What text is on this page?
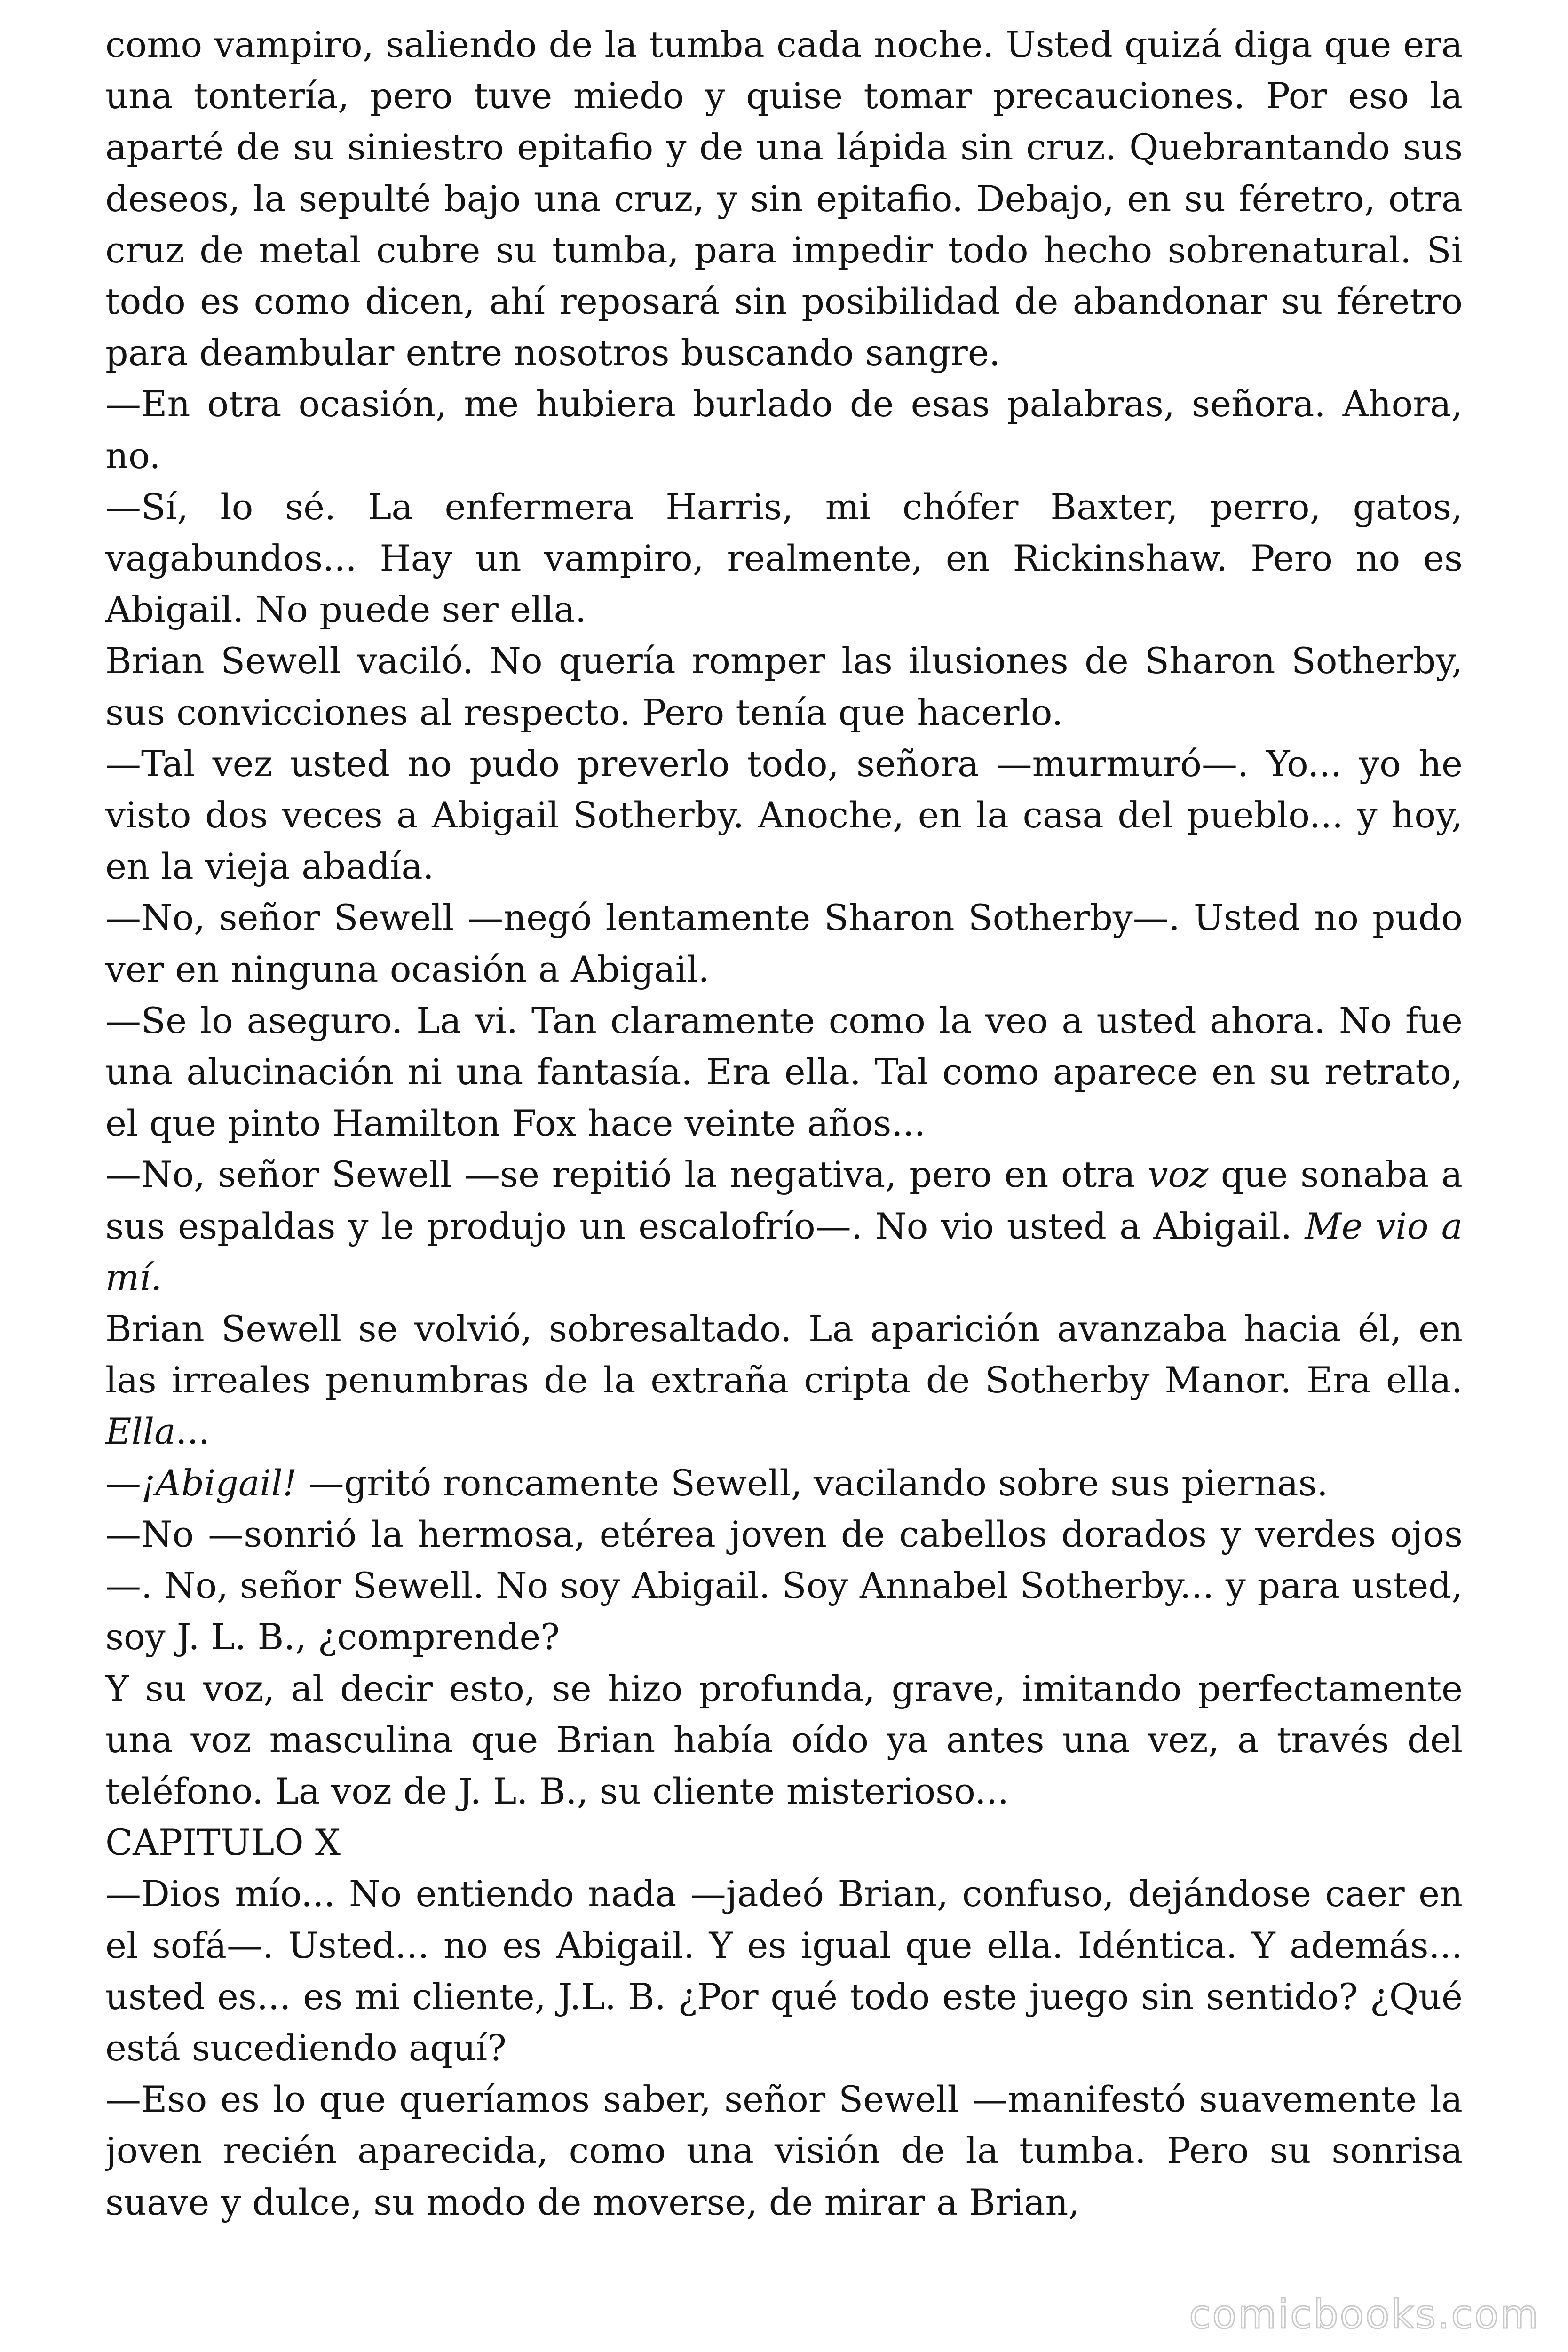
como vampiro, saliendo de la tumba cada noche. Usted quizá diga que era una tontería, pero tuve miedo y quise tomar precauciones. Por eso la aparté de su siniestro epitafio y de una lápida sin cruz. Quebrantando sus deseos, la sepulté bajo una cruz, y sin epitafio. Debajo, en su féretro, otra cruz de metal cubre su tumba, para impedir todo hecho sobrenatural. Si todo es como dicen, ahí reposará sin posibilidad de abandonar su féretro para deambular entre nosotros buscando sangre.

—En otra ocasión, me hubiera burlado de esas palabras, señora. Ahora, no.

—Sí, lo sé. La enfermera Harris, mi chófer Baxter, perro, gatos, vagabundos... Hay un vampiro, realmente, en Rickinshaw. Pero no es Abigail. No puede ser ella.

Brian Sewell vaciló. No quería romper las ilusiones de Sharon Sotherby, sus convicciones al respecto. Pero tenía que hacerlo.

—Tal vez usted no pudo preverlo todo, señora —murmuró—. Yo... yo he visto dos veces a Abigail Sotherby. Anoche, en la casa del pueblo... y hoy, en la vieja abadía.

—No, señor Sewell —negó lentamente Sharon Sotherby—. Usted no pudo ver en ninguna ocasión a Abigail.

—Se lo aseguro. La vi. Tan claramente como la veo a usted ahora. No fue una alucinación ni una fantasía. Era ella. Tal como aparece en su retrato, el que pinto Hamilton Fox hace veinte años...

—No, señor Sewell —se repitió la negativa, pero en otra voz que sonaba a sus espaldas y le produjo un escalofrío—. No vio usted a Abigail. Me vio a mí.

Brian Sewell se volvió, sobresaltado. La aparición avanzaba hacia él, en las irreales penumbras de la extraña cripta de Sotherby Manor. Era ella. Ella...

—¡Abigail! —gritó roncamente Sewell, vacilando sobre sus piernas.

—No —sonrió la hermosa, etérea joven de cabellos dorados y verdes ojos—. No, señor Sewell. No soy Abigail. Soy Annabel Sotherby... y para usted, soy J. L. B., ¿comprende?

Y su voz, al decir esto, se hizo profunda, grave, imitando perfectamente una voz masculina que Brian había oído ya antes una vez, a través del teléfono. La voz de J. L. B., su cliente misterioso...

CAPITULO X

—Dios mío... No entiendo nada —jadeó Brian, confuso, dejándose caer en el sofá—. Usted... no es Abigail. Y es igual que ella. Idéntica. Y además... usted es... es mi cliente, J.L. B. ¿Por qué todo este juego sin sentido? ¿Qué está sucediendo aquí?

—Eso es lo que queríamos saber, señor Sewell —manifestó suavemente la joven recién aparecida, como una visión de la tumba. Pero su sonrisa suave y dulce, su modo de moverse, de mirar a Brian,

comicbooks.com
